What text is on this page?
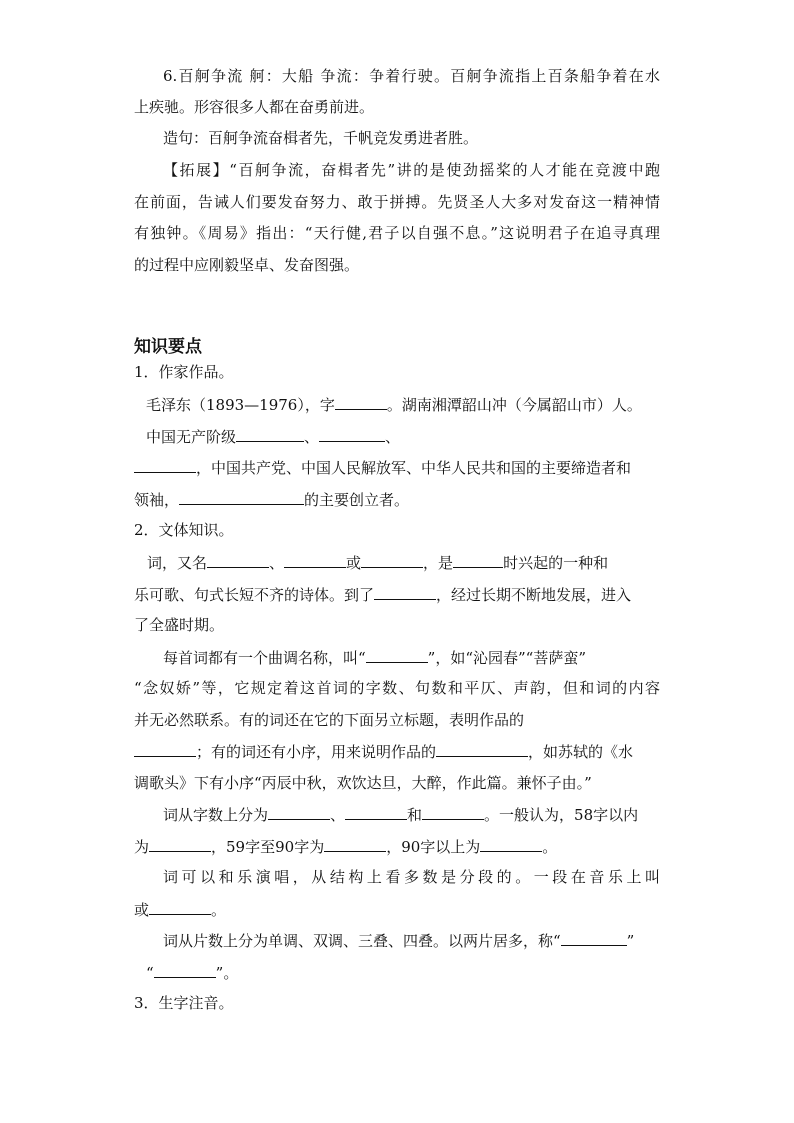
6.百舸争流 舸：大船 争流：争着行驶。百舸争流指上百条船争着在水
上疾驰。形容很多人都在奋勇前进。
造句：百舸争流奋楫者先，千帆竞发勇进者胜。
【拓展】“百舸争流，奋楫者先”讲的是使劲摇桨的人才能在竞渡中跑
在前面，告诫人们要发奋努力、敢于拼搏。先贤圣人大多对发奋这一精神情
有独钟。《周易》指出：“天行健,君子以自强不息。”这说明君子在追寻真理
的过程中应刚毅坚卓、发奋图强。
知识要点
1．作家作品。
毛泽东（1893—1976），字	。湖南湘潭韶山冲（今属韶山市）人。
中国无产阶级	、	、
，中国共产党、中国人民解放军、中华人民共和国的主要缔造者和
领袖，	的主要创立者。
2．文体知识。
词，又名	、	或	，是	时兴起的一种和
乐可歌、句式长短不齐的诗体。到了	，经过长期不断地发展，进入
了全盛时期。
每首词都有一个曲调名称，叫“	”，如“沁园春”“菩萨蛮”
“念奴娇”等，它规定着这首词的字数、句数和平仄、声韵，但和词的内容
并无必然联系。有的词还在它的下面另立标题，表明作品的
；有的词还有小序，用来说明作品的	，如苏轼的《水
调歌头》下有小序“丙辰中秋，欢饮达旦，大醉，作此篇。兼怀子由。”
词从字数上分为	、	和	。一般认为，58字以内
为	，59字至90字为	，90字以上为	。
词可以和乐演唱，从结构上看多数是分段的。一段在音乐上叫
或	。
词从片数上分为单调、双调、三叠、四叠。以两片居多，称“	”
“	”。
3．生字注音。
